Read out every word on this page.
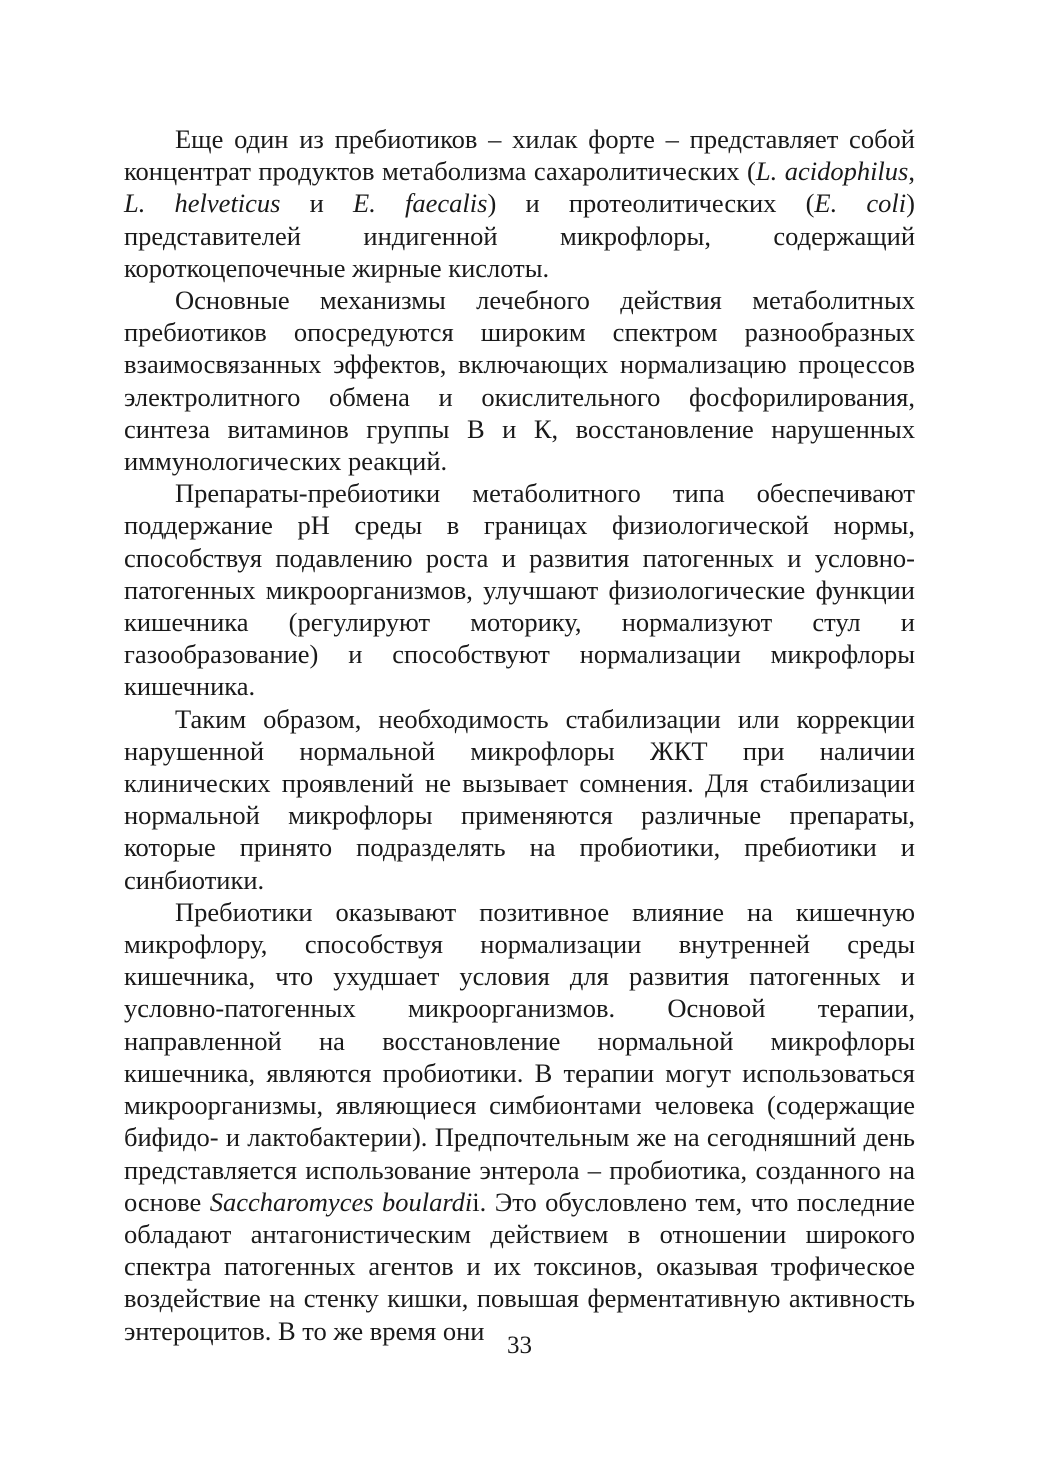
Еще один из пребиотиков – хилак форте – представляет собой концентрат продуктов метаболизма сахаролитических (L. acidophilus, L. helveticus и E. faecalis) и протеолитических (E. coli) представителей индигенной микрофлоры, содержащий короткоцепочечные жирные кислоты.

Основные механизмы лечебного действия метаболитных пребиотиков опосредуются широким спектром разнообразных взаимосвязанных эффектов, включающих нормализацию процессов электролитного обмена и окислительного фосфорилирования, синтеза витаминов группы В и К, восстановление нарушенных иммунологических реакций.

Препараты-пребиотики метаболитного типа обеспечивают поддержание pH среды в границах физиологической нормы, способствуя подавлению роста и развития патогенных и условно-патогенных микроорганизмов, улучшают физиологические функции кишечника (регулируют моторику, нормализуют стул и газообразование) и способствуют нормализации микрофлоры кишечника.

Таким образом, необходимость стабилизации или коррекции нарушенной нормальной микрофлоры ЖКТ при наличии клинических проявлений не вызывает сомнения. Для стабилизации нормальной микрофлоры применяются различные препараты, которые принято подразделять на пробиотики, пребиотики и синбиотики.

Пребиотики оказывают позитивное влияние на кишечную микрофлору, способствуя нормализации внутренней среды кишечника, что ухудшает условия для развития патогенных и условно-патогенных микроорганизмов. Основой терапии, направленной на восстановление нормальной микрофлоры кишечника, являются пробиотики. В терапии могут использоваться микроорганизмы, являющиеся симбионтами человека (содержащие бифидо- и лактобактерии). Предпочтельным же на сегодняшний день представляется использование энтерола – пробиотика, созданного на основе Saccharomyces boulardii. Это обусловлено тем, что последние обладают антагонистическим действием в отношении широкого спектра патогенных агентов и их токсинов, оказывая трофическое воздействие на стенку кишки, повышая ферментативную активность энтероцитов. В то же время они 33
